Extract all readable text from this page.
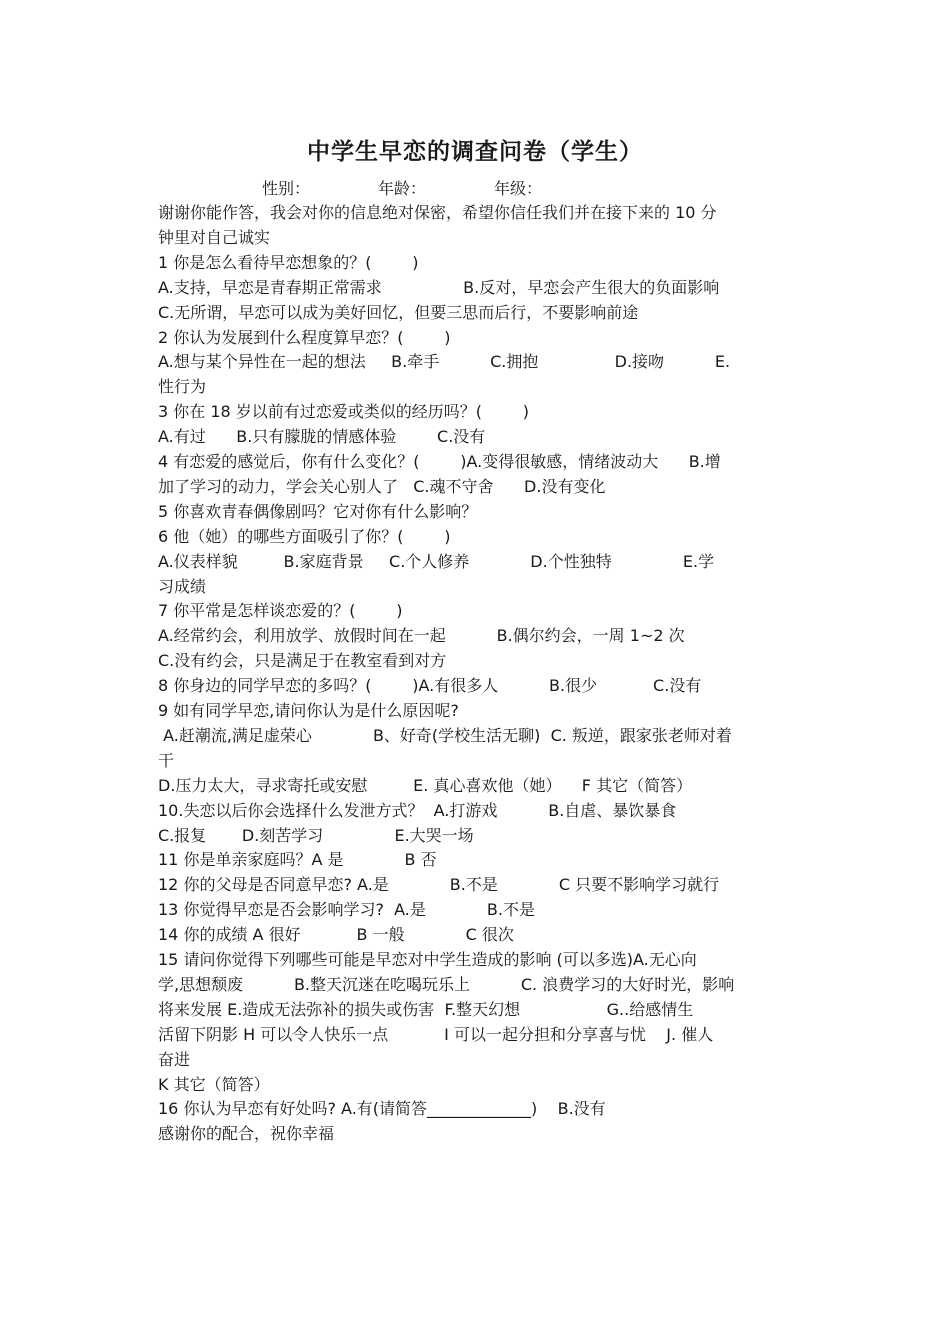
中学生早恋的调查问卷（学生）
性别：	年龄：	年级：
谢谢你能作答，我会对你的信息绝对保密，希望你信任我们并在接下来的 10 分
钟里对自己诚实
1 你是怎么看待早恋想象的？(        )
A.支持，早恋是青春期正常需求                B.反对，早恋会产生很大的负面影响
C.无所谓，早恋可以成为美好回忆，但要三思而后行，不要影响前途
2 你认为发展到什么程度算早恋？(        )
A.想与某个异性在一起的想法     B.牵手          C.拥抱               D.接吻          E.
性行为
3 你在 18 岁以前有过恋爱或类似的经历吗？(        )
A.有过      B.只有朦胧的情感体验        C.没有
4 有恋爱的感觉后，你有什么变化？(        )A.变得很敏感，情绪波动大      B.增
加了学习的动力，学会关心别人了   C.魂不守舍      D.没有变化
5 你喜欢青春偶像剧吗？它对你有什么影响？
6 他（她）的哪些方面吸引了你？(        )
A.仪表样貌         B.家庭背景     C.个人修养            D.个性独特              E.学
习成绩
7 你平常是怎样谈恋爱的？(        )
A.经常约会，利用放学、放假时间在一起          B.偶尔约会，一周 1~2 次
C.没有约会，只是满足于在教室看到对方
8 你身边的同学早恋的多吗？(        )A.有很多人          B.很少           C.没有
9 如有同学早恋,请问你认为是什么原因呢?
A.赶潮流,满足虚荣心            B、好奇(学校生活无聊)  C. 叛逆，跟家张老师对着
干
D.压力太大，寻求寄托或安慰         E. 真心喜欢他（她）    F 其它（简答）
10.失恋以后你会选择什么发泄方式？  A.打游戏          B.自虐、暴饮暴食
C.报复       D.刻苦学习              E.大哭一场
11 你是单亲家庭吗？A 是            B 否
12 你的父母是否同意早恋? A.是            B.不是            C 只要不影响学习就行
13 你觉得早恋是否会影响学习?  A.是            B.不是
14 你的成绩 A 很好           B 一般            C 很次
15 请问你觉得下列哪些可能是早恋对中学生造成的影响 (可以多选)A.无心向
学,思想颓废          B.整天沉迷在吃喝玩乐上          C. 浪费学习的大好时光，影响
将来发展 E.造成无法弥补的损失或伤害  F.整天幻想                 G..给感情生
活留下阴影 H 可以令人快乐一点           I 可以一起分担和分享喜与忧    J. 催人
奋进
K 其它（简答）
16 你认为早恋有好处吗? A.有(请简答_____________)    B.没有
感谢你的配合，祝你幸福
